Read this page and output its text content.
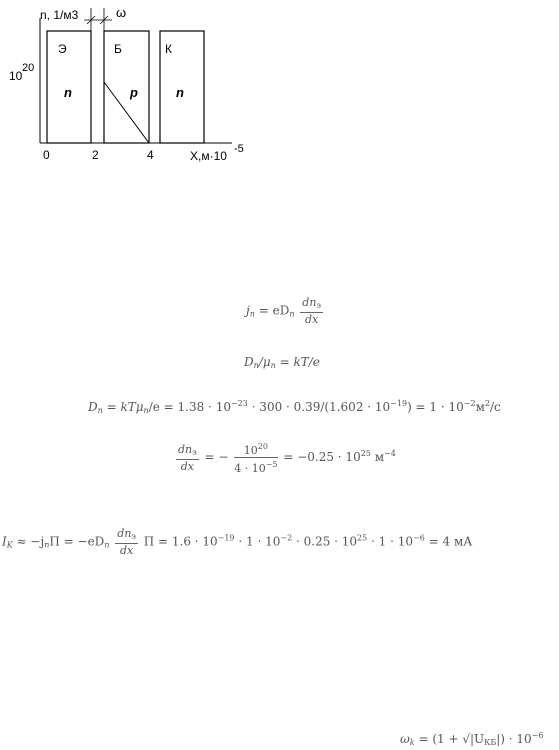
ω
n, 1/м3
10
20
Э	Б	К
n	p	n
0	2	4	X,м·10 -5
$j_n = eD_n \frac{dn_э}{dx}$
$D_n/\mu_n = kT/e$
$D_n = kT\mu_n/e = 1.38 \cdot 10^{-23} \cdot 300 \cdot 0.39/(1.602 \cdot 10^{-19}) = 1 \cdot 10^{-2}м^2/с$
$\frac{dn_э}{dx}$ = − $\frac{10^{20}}{4 \cdot 10^{-5}} = -0.25 \cdot 10^{25}$ $м^{-4}$
$I_K \approx -j_n\Pi = -eD_n \frac{dn_э}{dx}$ $\Pi = 1.6 \cdot 10^{-19} \cdot 1 \cdot 10^{-2} \cdot 0.25 \cdot 10^{25} \cdot 1 \cdot 10^{-6} = 4$ мА
$\omega_k = (1 + √|U_{КБ}|) \cdot 10^{-6}$
